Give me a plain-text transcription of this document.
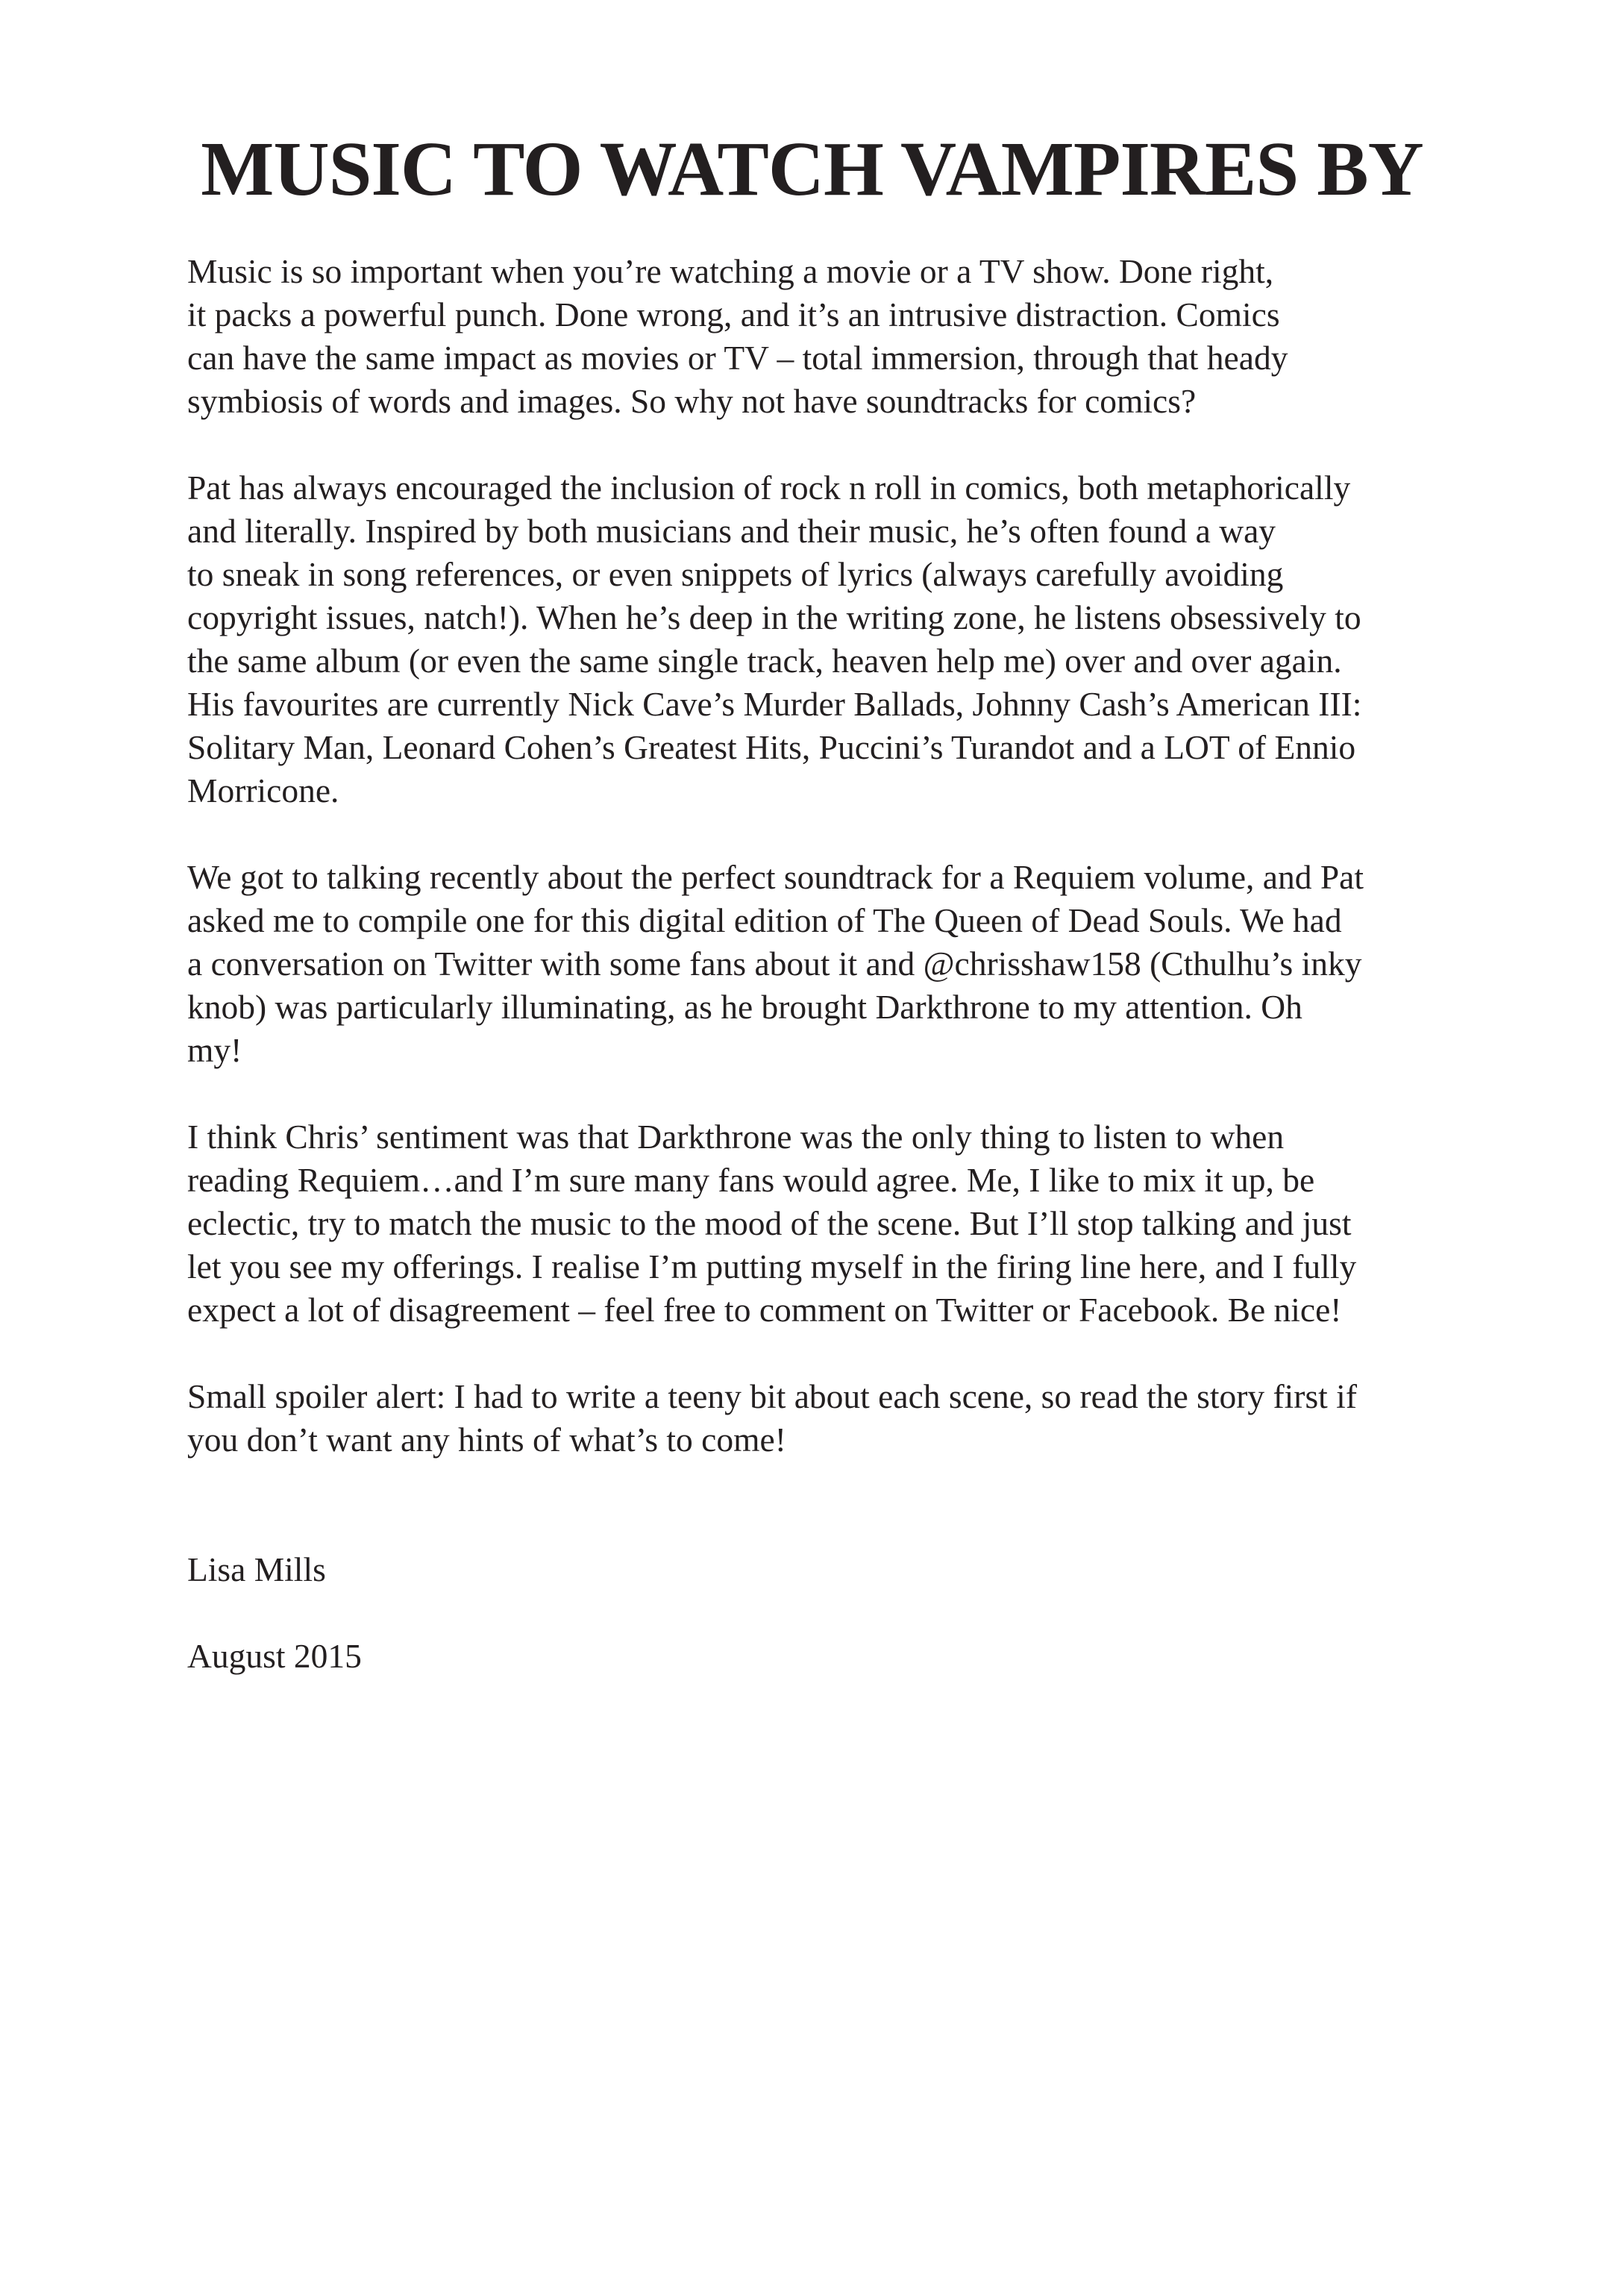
MUSIC TO WATCH VAMPIRES BY

Music is so important when you’re watching a movie or a TV show. Done right,
it packs a powerful punch. Done wrong, and it’s an intrusive distraction. Comics
can have the same impact as movies or TV – total immersion, through that heady
symbiosis of words and images. So why not have soundtracks for comics?

Pat has always encouraged the inclusion of rock n roll in comics, both metaphorically
and literally. Inspired by both musicians and their music, he’s often found a way
to sneak in song references, or even snippets of lyrics (always carefully avoiding
copyright issues, natch!). When he’s deep in the writing zone, he listens obsessively to
the same album (or even the same single track, heaven help me) over and over again.
His favourites are currently Nick Cave’s Murder Ballads, Johnny Cash’s American III:
Solitary Man, Leonard Cohen’s Greatest Hits, Puccini’s Turandot and a LOT of Ennio
Morricone.

We got to talking recently about the perfect soundtrack for a Requiem volume, and Pat
asked me to compile one for this digital edition of The Queen of Dead Souls. We had
a conversation on Twitter with some fans about it and @chrisshaw158 (Cthulhu’s inky
knob) was particularly illuminating, as he brought Darkthrone to my attention. Oh
my!

I think Chris’ sentiment was that Darkthrone was the only thing to listen to when
reading Requiem…and I’m sure many fans would agree. Me, I like to mix it up, be
eclectic, try to match the music to the mood of the scene. But I’ll stop talking and just
let you see my offerings. I realise I’m putting myself in the firing line here, and I fully
expect a lot of disagreement – feel free to comment on Twitter or Facebook. Be nice!

Small spoiler alert: I had to write a teeny bit about each scene, so read the story first if
you don’t want any hints of what’s to come!

Lisa Mills

August 2015
